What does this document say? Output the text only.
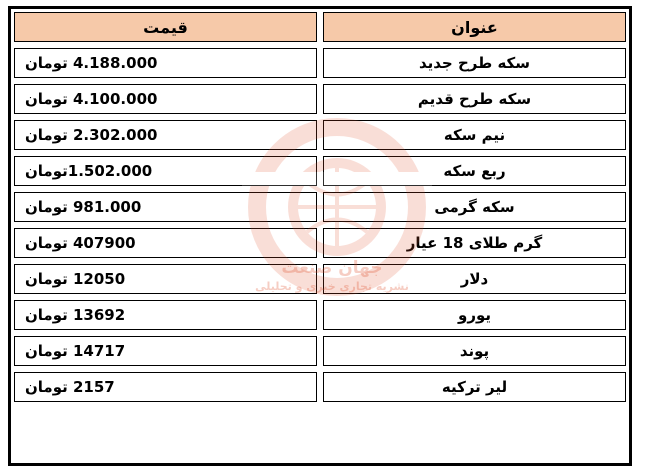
عنوان	قیمت
سکه طرح جدید	4.188.000 تومان
سکه طرح قدیم	4.100.000 تومان
نیم سکه	2.302.000 تومان
ربع سکه	1.502.000تومان
سکه گرمی	981.000 تومان
گرم طلای 18 عیار	407900 تومان
دلار	12050 تومان
یورو	13692 تومان
پوند	14717 تومان
لیر ترکیه	2157 تومان
جهان صنعت
نشریه تجاری خبری و تحلیلی
